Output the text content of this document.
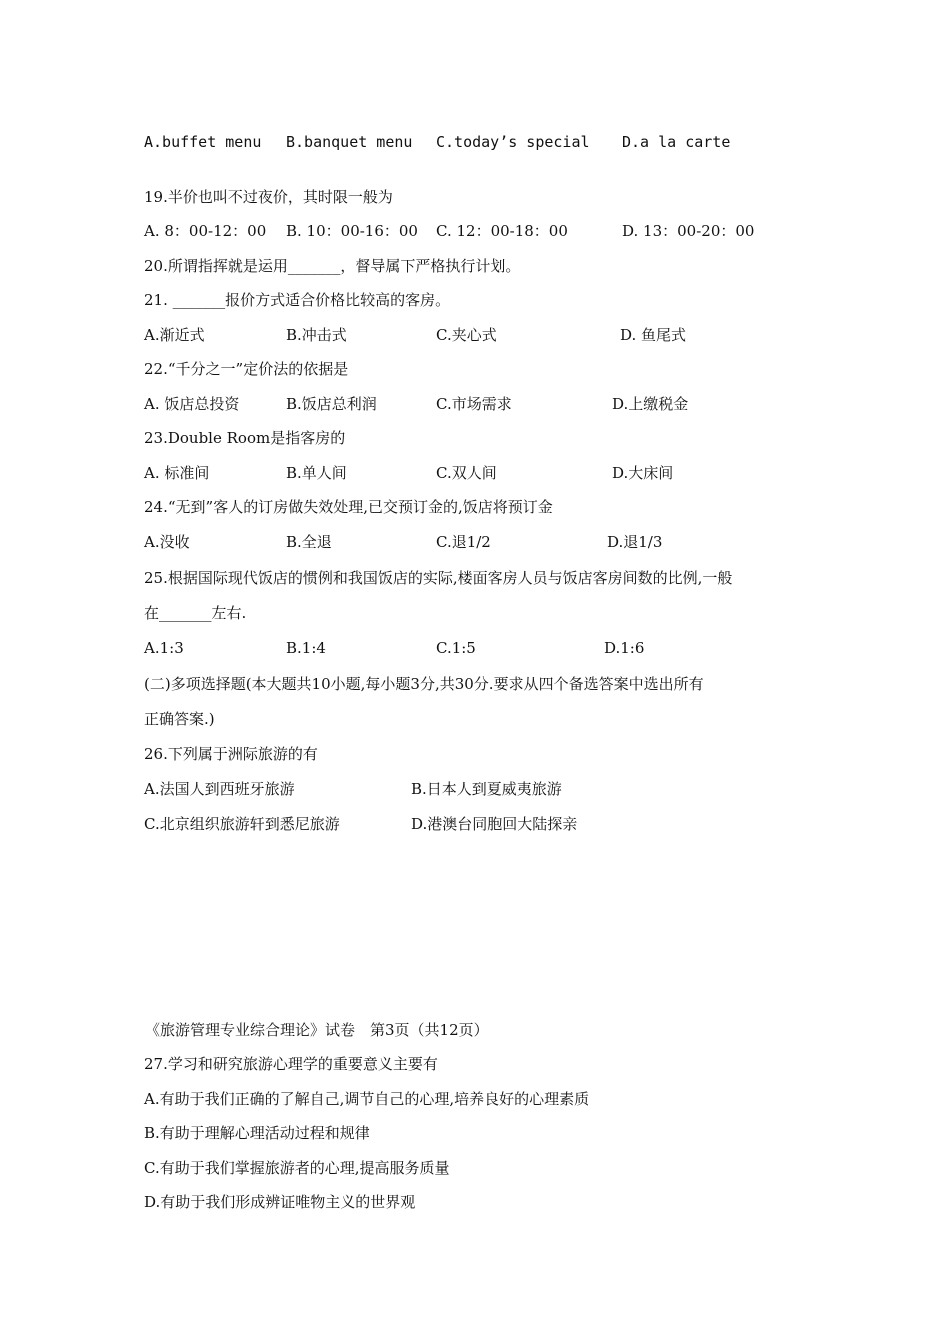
A.buffet menu B.banquet menu C.today’s special D.a la carte
19.半价也叫不过夜价，其时限一般为
A. 8：00-12：00 B. 10：00-16：00 C. 12：00-18：00	D. 13：00-20：00
20.所谓指挥就是运用_______，督导属下严格执行计划。
21. _______报价方式适合价格比较高的客房。
A.渐近式	B.冲击式	C.夹心式	D. 鱼尾式
22.“千分之一”定价法的依据是
A. 饭店总投资	B.饭店总利润	C.市场需求	D.上缴税金
23.Double Room是指客房的
A. 标准间	B.单人间	C.双人间	D.大床间
24.“无到”客人的订房做失效处理,已交预订金的,饭店将预订金
A.没收	B.全退	C.退1/2	D.退1/3
25.根据国际现代饭店的惯例和我国饭店的实际,楼面客房人员与饭店客房间数的比例,一般
在_______左右.
A.1:3	B.1:4	C.1:5	D.1:6
(二)多项选择题(本大题共10小题,每小题3分,共30分.要求从四个备选答案中选出所有
正确答案.)
26.下列属于洲际旅游的有
A.法国人到西班牙旅游	B.日本人到夏威夷旅游
C.北京组织旅游轩到悉尼旅游	D.港澳台同胞回大陆探亲
《旅游管理专业综合理论》试卷　第3页（共12页）
27.学习和研究旅游心理学的重要意义主要有
A.有助于我们正确的了解自己,调节自己的心理,培养良好的心理素质
B.有助于理解心理活动过程和规律
C.有助于我们掌握旅游者的心理,提高服务质量
D.有助于我们形成辨证唯物主义的世界观
